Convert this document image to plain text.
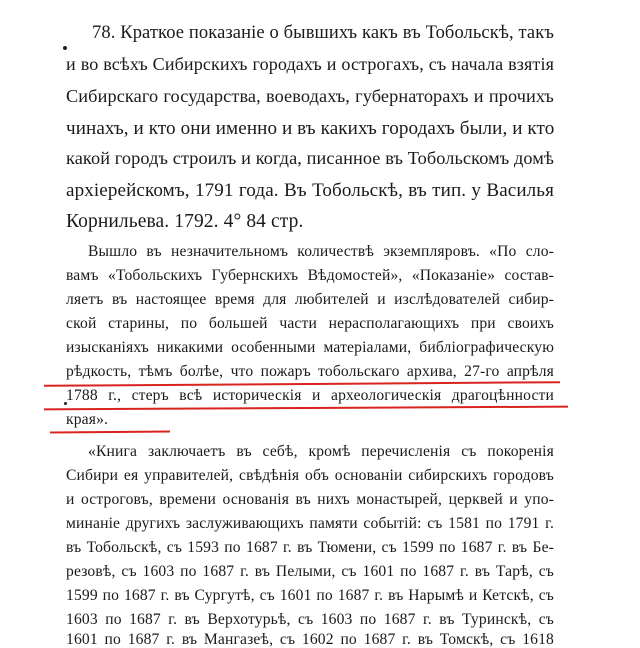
78. Краткое показаніе о бывшихъ какъ въ Тобольскѣ, такъ
и во всѣхъ Сибирскихъ городахъ и острогахъ, съ начала взятія
Сибирскаго государства, воеводахъ, губернаторахъ и прочихъ
чинахъ, и кто они именно и въ какихъ городахъ были, и кто
какой городъ строилъ и когда, писанное въ Тобольскомъ домѣ
архіерейскомъ, 1791 года. Въ Тобольскѣ, въ тип. у Василья
Корнильева. 1792. 4° 84 стр.
Вышло въ незначительномъ количествѣ экземпляровъ. «По сло-
вамъ «Тобольскихъ Губернскихъ Вѣдомостей», «Показаніе» состав-
ляетъ въ настоящее время для любителей и изслѣдователей сибир-
ской старины, по большей части нерасполагающихъ при своихъ
изысканіяхъ никакими особенными матеріалами, библіографическую
рѣдкость, тѣмъ болѣе, что пожаръ тобольскаго архива, 27-го апрѣля
1788 г., стеръ всѣ историческія и археологическія драгоцѣнности
края».
«Книга заключаетъ въ себѣ, кромѣ перечисленія съ покоренія
Сибири ея управителей, свѣдѣнія объ основаніи сибирскихъ городовъ
и остроговъ, времени основанія въ нихъ монастырей, церквей и упо-
минаніе другихъ заслуживающихъ памяти событій: съ 1581 по 1791 г.
въ Тобольскѣ, съ 1593 по 1687 г. въ Тюмени, съ 1599 по 1687 г. въ Бе-
резовѣ, съ 1603 по 1687 г. въ Пелыми, съ 1601 по 1687 г. въ Тарѣ, съ
1599 по 1687 г. въ Сургутѣ, съ 1601 по 1687 г. въ Нарымѣ и Кетскѣ, съ
1603 по 1687 г. въ Верхотурьѣ, съ 1603 по 1687 г. въ Туринскѣ, съ
1601 по 1687 г. въ Мангазеѣ, съ 1602 по 1687 г. въ Томскѣ, съ 1618
